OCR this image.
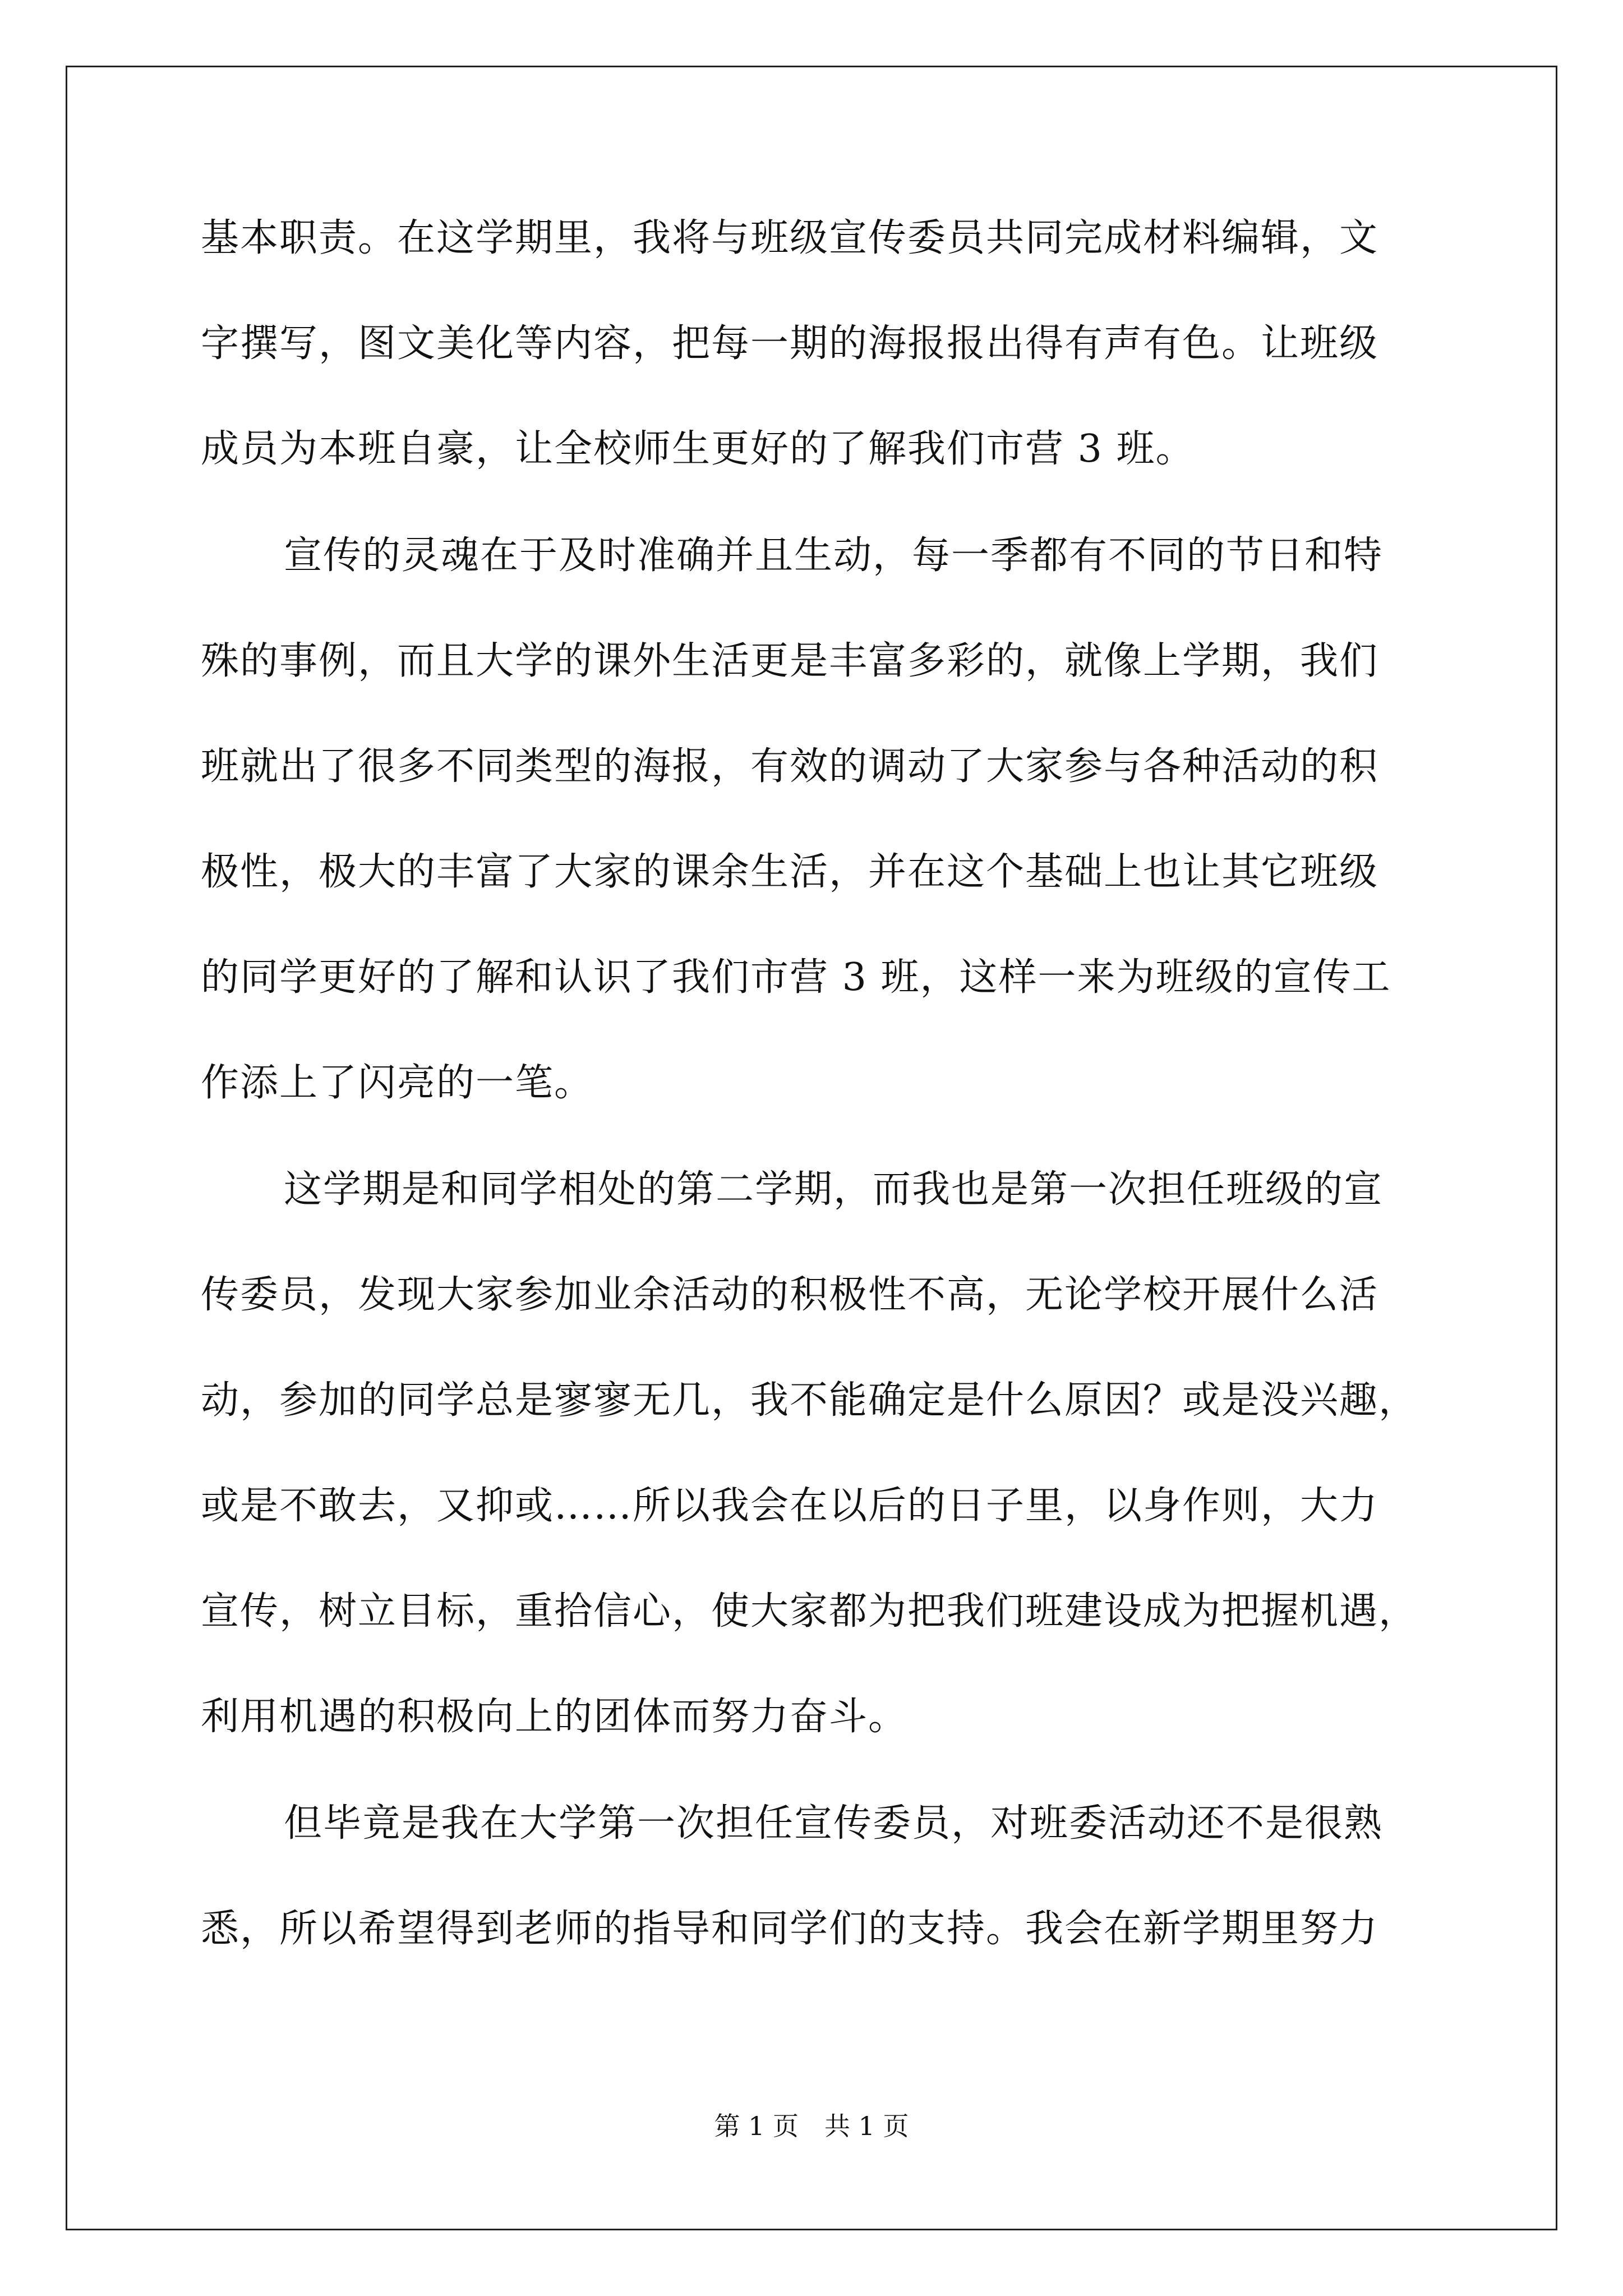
基本职责。在这学期里，我将与班级宣传委员共同完成材料编辑，文
字撰写，图文美化等内容，把每一期的海报报出得有声有色。让班级
成员为本班自豪，让全校师生更好的了解我们市营 3 班。
宣传的灵魂在于及时准确并且生动，每一季都有不同的节日和特
殊的事例，而且大学的课外生活更是丰富多彩的，就像上学期，我们
班就出了很多不同类型的海报，有效的调动了大家参与各种活动的积
极性，极大的丰富了大家的课余生活，并在这个基础上也让其它班级
的同学更好的了解和认识了我们市营 3 班，这样一来为班级的宣传工
作添上了闪亮的一笔。
这学期是和同学相处的第二学期，而我也是第一次担任班级的宣
传委员，发现大家参加业余活动的积极性不高，无论学校开展什么活
动，参加的同学总是寥寥无几，我不能确定是什么原因？或是没兴趣，
或是不敢去，又抑或……所以我会在以后的日子里，以身作则，大力
宣传，树立目标，重拾信心，使大家都为把我们班建设成为把握机遇，
利用机遇的积极向上的团体而努力奋斗。
但毕竟是我在大学第一次担任宣传委员，对班委活动还不是很熟
悉，所以希望得到老师的指导和同学们的支持。我会在新学期里努力
第 1 页　共 1 页
